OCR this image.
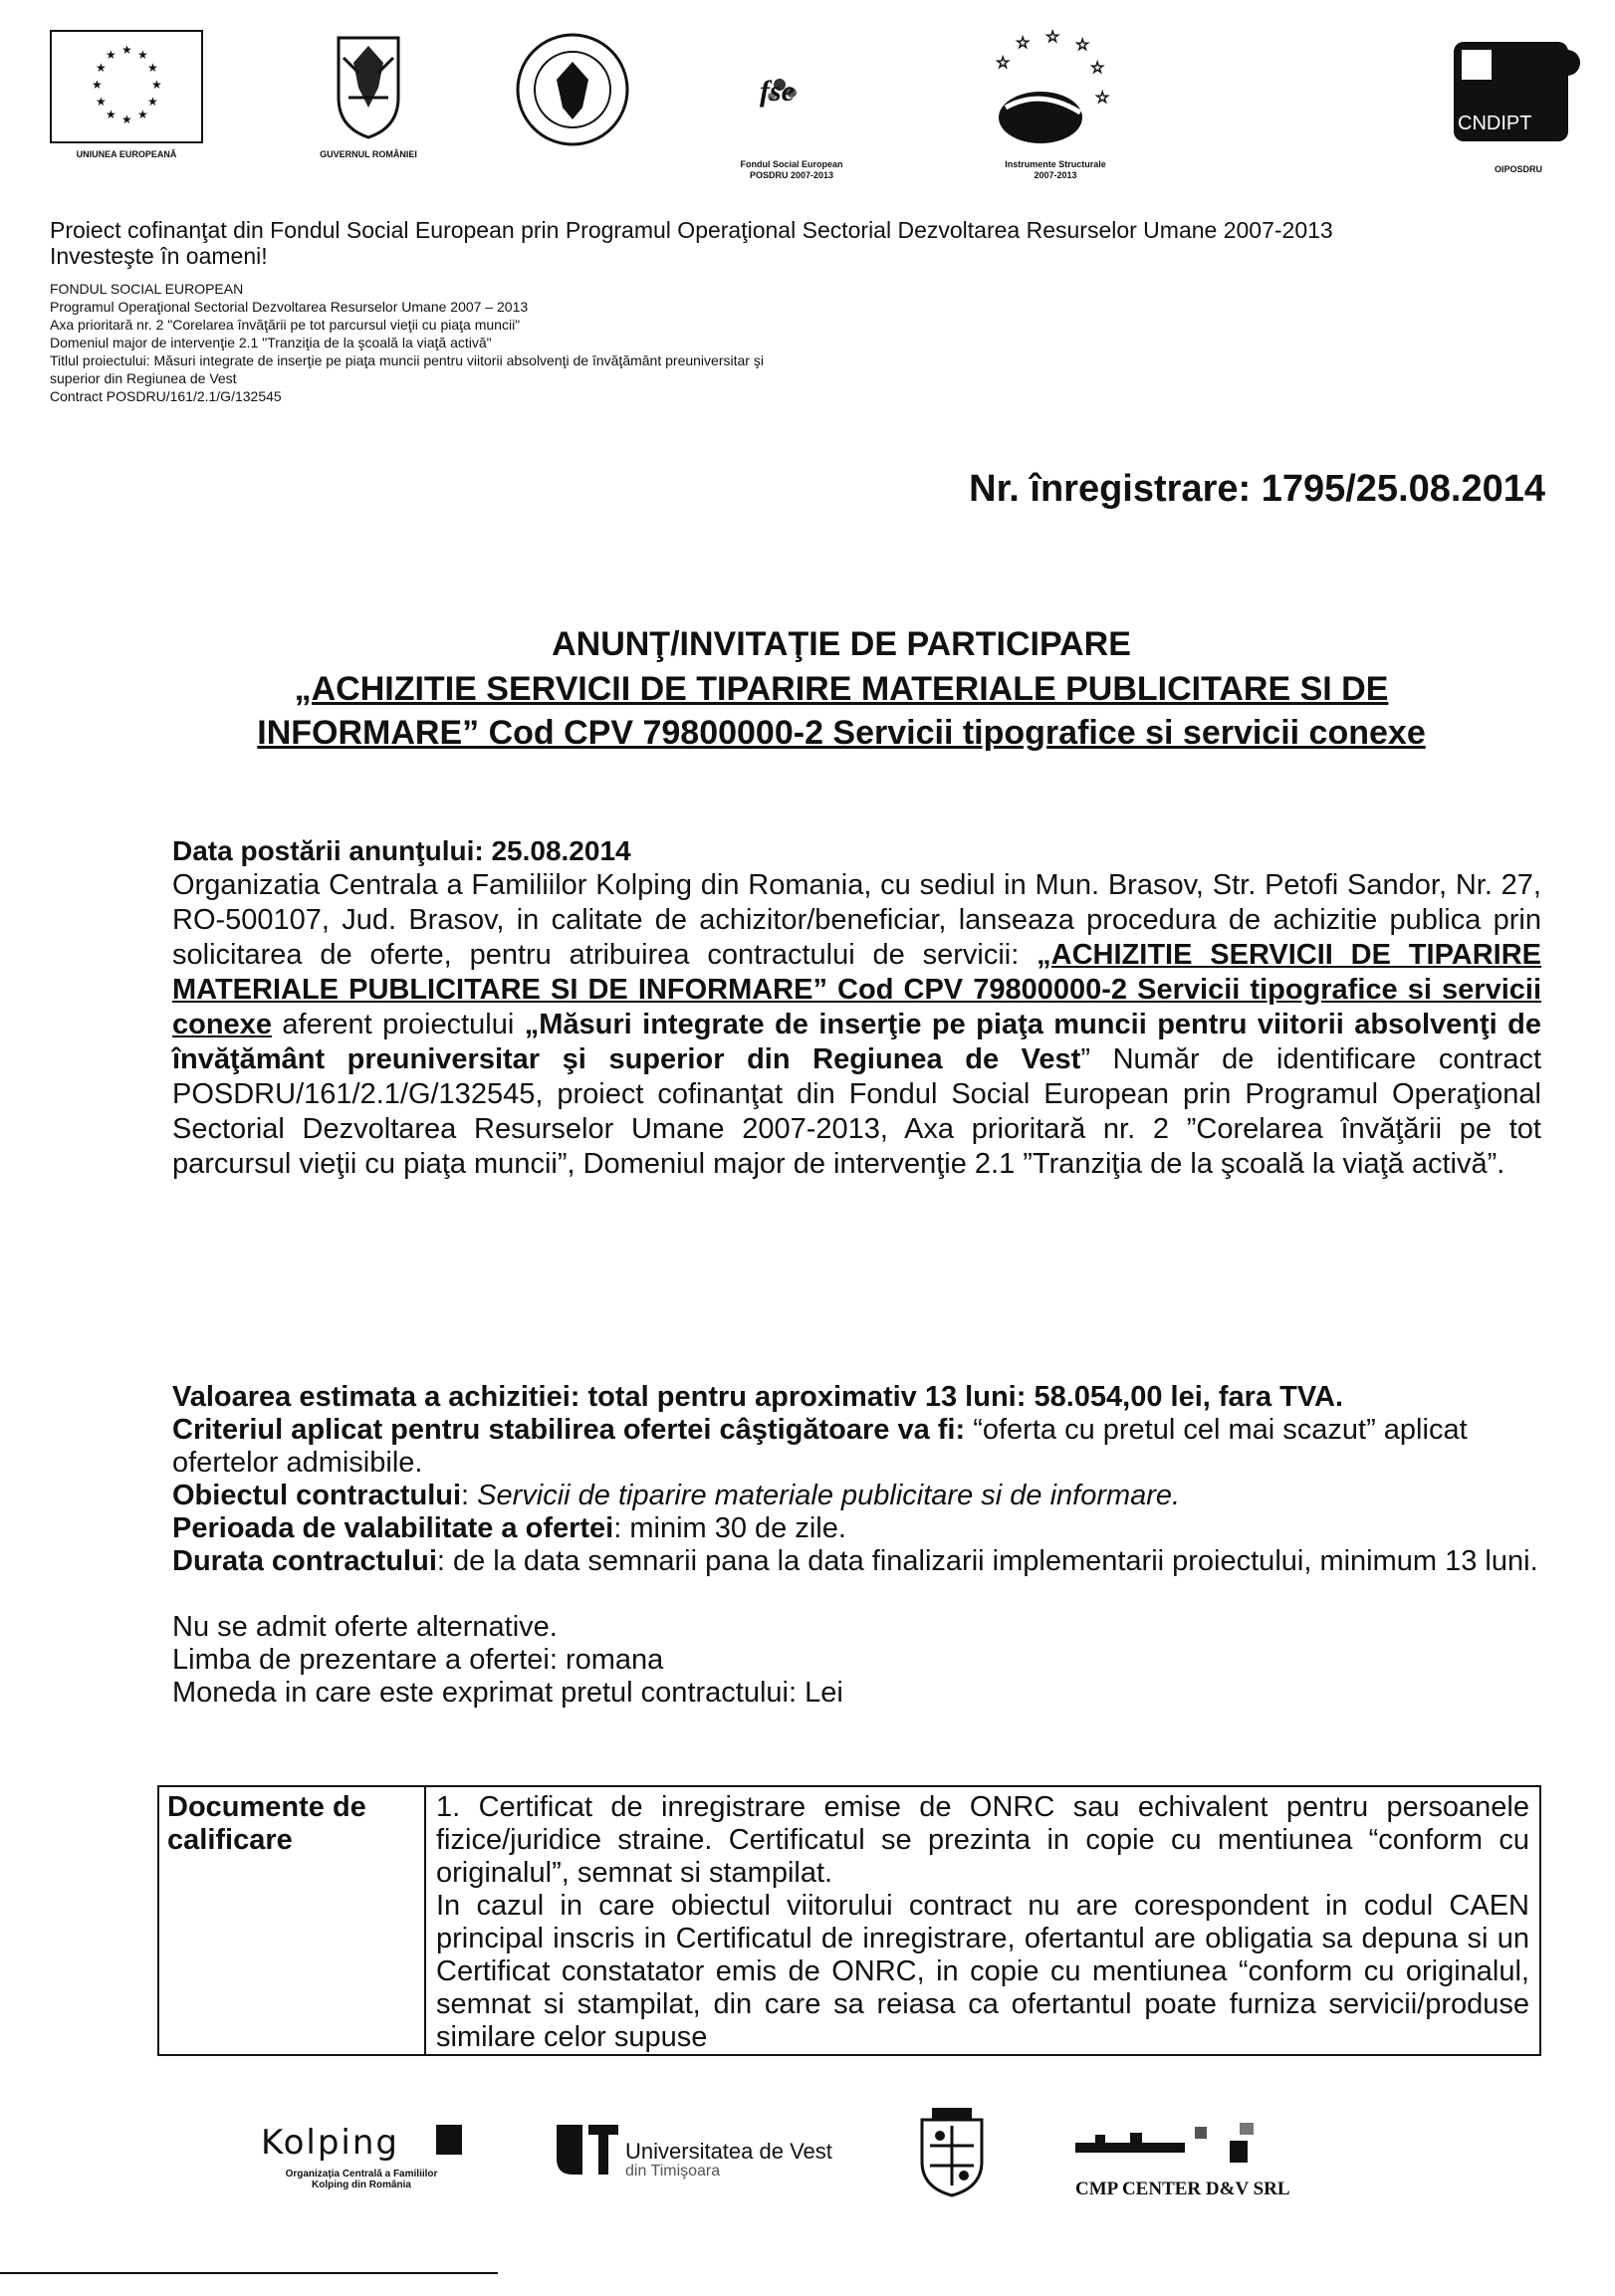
★ ★
★
★
★
★
★
★
★
★
★
★
UNIUNEA EUROPEANĂ	GUVERNUL ROMÂNIEI
fse
Fondul Social European
POSDRU 2007-2013
☆ ☆ ☆
☆
☆
☆
Instrumente Structurale
2007-2013
CNDIPT
OIPOSDRU
Proiect cofinanţat din Fondul Social European prin Programul Operaţional Sectorial Dezvoltarea Resurselor Umane 2007-2013
Investeşte în oameni!
FONDUL SOCIAL EUROPEAN
Programul Operaţional Sectorial Dezvoltarea Resurselor Umane 2007 – 2013
Axa prioritară nr. 2 "Corelarea învăţării pe tot parcursul vieţii cu piaţa muncii"
Domeniul major de intervenţie 2.1 "Tranziţia de la şcoală la viaţă activă"
Titlul proiectului: Măsuri integrate de inserţie pe piaţa muncii pentru viitorii absolvenţi de învăţământ preuniversitar şi
superior din Regiunea de Vest
Contract POSDRU/161/2.1/G/132545
Nr. înregistrare: 1795/25.08.2014
ANUNŢ/INVITAŢIE DE PARTICIPARE
„ACHIZITIE SERVICII DE TIPARIRE MATERIALE PUBLICITARE SI DE
INFORMARE” Cod CPV 79800000-2 Servicii tipografice si servicii conexe
Data postării anunţului: 25.08.2014
Organizatia Centrala a Familiilor Kolping din Romania, cu sediul in Mun. Brasov, Str. Petofi Sandor, Nr. 27, RO-500107, Jud. Brasov, in calitate de achizitor/beneficiar, lanseaza procedura de achizitie publica prin solicitarea de oferte, pentru atribuirea contractului de servicii: „ACHIZITIE SERVICII DE TIPARIRE MATERIALE PUBLICITARE SI DE INFORMARE” Cod CPV 79800000-2 Servicii tipografice si servicii conexe aferent proiectului „Măsuri integrate de inserţie pe piaţa muncii pentru viitorii absolvenţi de învăţământ preuniversitar şi superior din Regiunea de Vest” Număr de identificare contract POSDRU/161/2.1/G/132545, proiect cofinanţat din Fondul Social European prin Programul Operaţional Sectorial Dezvoltarea Resurselor Umane 2007-2013, Axa prioritară nr. 2 ”Corelarea învăţării pe tot parcursul vieţii cu piaţa muncii”, Domeniul major de intervenţie 2.1 ”Tranziţia de la şcoală la viaţă activă”.
Valoarea estimata a achizitiei: total pentru aproximativ 13 luni: 58.054,00 lei, fara TVA.
Criteriul aplicat pentru stabilirea ofertei câştigătoare va fi: “oferta cu pretul cel mai scazut” aplicat ofertelor admisibile.
Obiectul contractului: Servicii de tiparire materiale publicitare si de informare.
Perioada de valabilitate a ofertei: minim 30 de zile.
Durata contractului: de la data semnarii pana la data finalizarii implementarii proiectului, minimum 13 luni.
Nu se admit oferte alternative.
Limba de prezentare a ofertei: romana
Moneda in care este exprimat pretul contractului: Lei
Documente de calificare	
1. Certificat de inregistrare emise de ONRC sau echivalent pentru persoanele fizice/juridice straine. Certificatul se prezinta in copie cu mentiunea “conform cu originalul”, semnat si stampilat.
In cazul in care obiectul viitorului contract nu are corespondent in codul CAEN principal inscris in Certificatul de inregistrare, ofertantul are obligatia sa depuna si un Certificat constatator emis de ONRC, in copie cu mentiunea “conform cu originalul, semnat si stampilat, din care sa reiasa ca ofertantul poate furniza servicii/produse similare celor supuse
Kolping
Organizaţia Centrală a Familiilor
Kolping din România
Universitatea de Vest
din Timişoara
CMP CENTER D&V SRL
